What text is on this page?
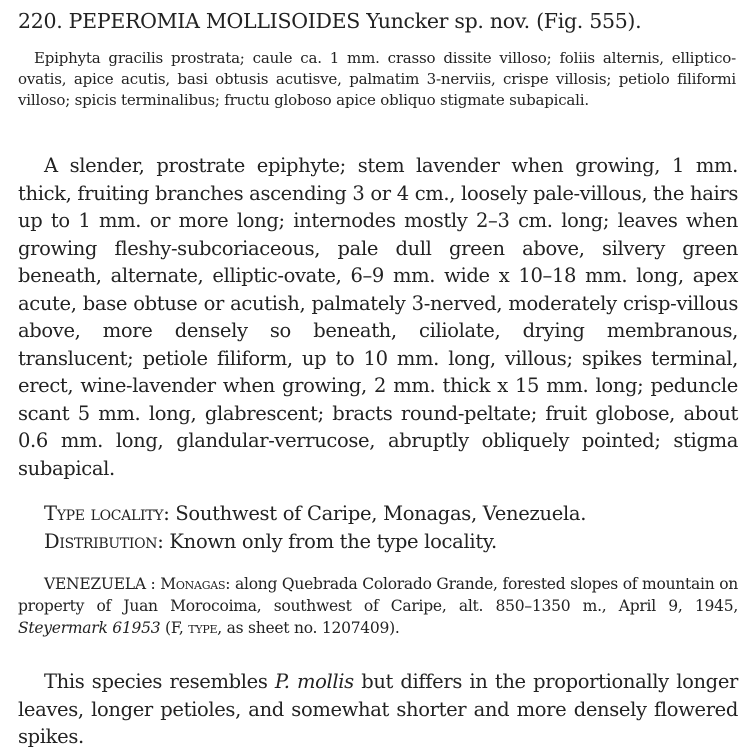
220. PEPEROMIA MOLLISOIDES Yuncker sp. nov. (Fig. 555).
Epiphyta gracilis prostrata; caule ca. 1 mm. crasso dissite villoso; foliis alternis, elliptico-ovatis, apice acutis, basi obtusis acutisve, palmatim 3-nerviis, crispe villosis; petiolo filiformi villoso; spicis terminalibus; fructu globoso apice obliquo stigmate subapicali.
A slender, prostrate epiphyte; stem lavender when growing, 1 mm. thick, fruiting branches ascending 3 or 4 cm., loosely pale-villous, the hairs up to 1 mm. or more long; internodes mostly 2–3 cm. long; leaves when growing fleshy-subcoriaceous, pale dull green above, silvery green beneath, alternate, elliptic-ovate, 6–9 mm. wide x 10–18 mm. long, apex acute, base obtuse or acutish, palmately 3-nerved, moderately crisp-villous above, more densely so beneath, ciliolate, drying membranous, translucent; petiole filiform, up to 10 mm. long, villous; spikes terminal, erect, wine-lavender when growing, 2 mm. thick x 15 mm. long; peduncle scant 5 mm. long, glabrescent; bracts round-peltate; fruit globose, about 0.6 mm. long, glandular-verrucose, abruptly obliquely pointed; stigma subapical.
Type locality: Southwest of Caripe, Monagas, Venezuela.
Distribution: Known only from the type locality.
VENEZUELA : Monagas: along Quebrada Colorado Grande, forested slopes of mountain on property of Juan Morocoima, southwest of Caripe, alt. 850–1350 m., April 9, 1945, Steyermark 61953 (F, type, as sheet no. 1207409).
This species resembles P. mollis but differs in the proportionally longer leaves, longer petioles, and somewhat shorter and more densely flowered spikes.
